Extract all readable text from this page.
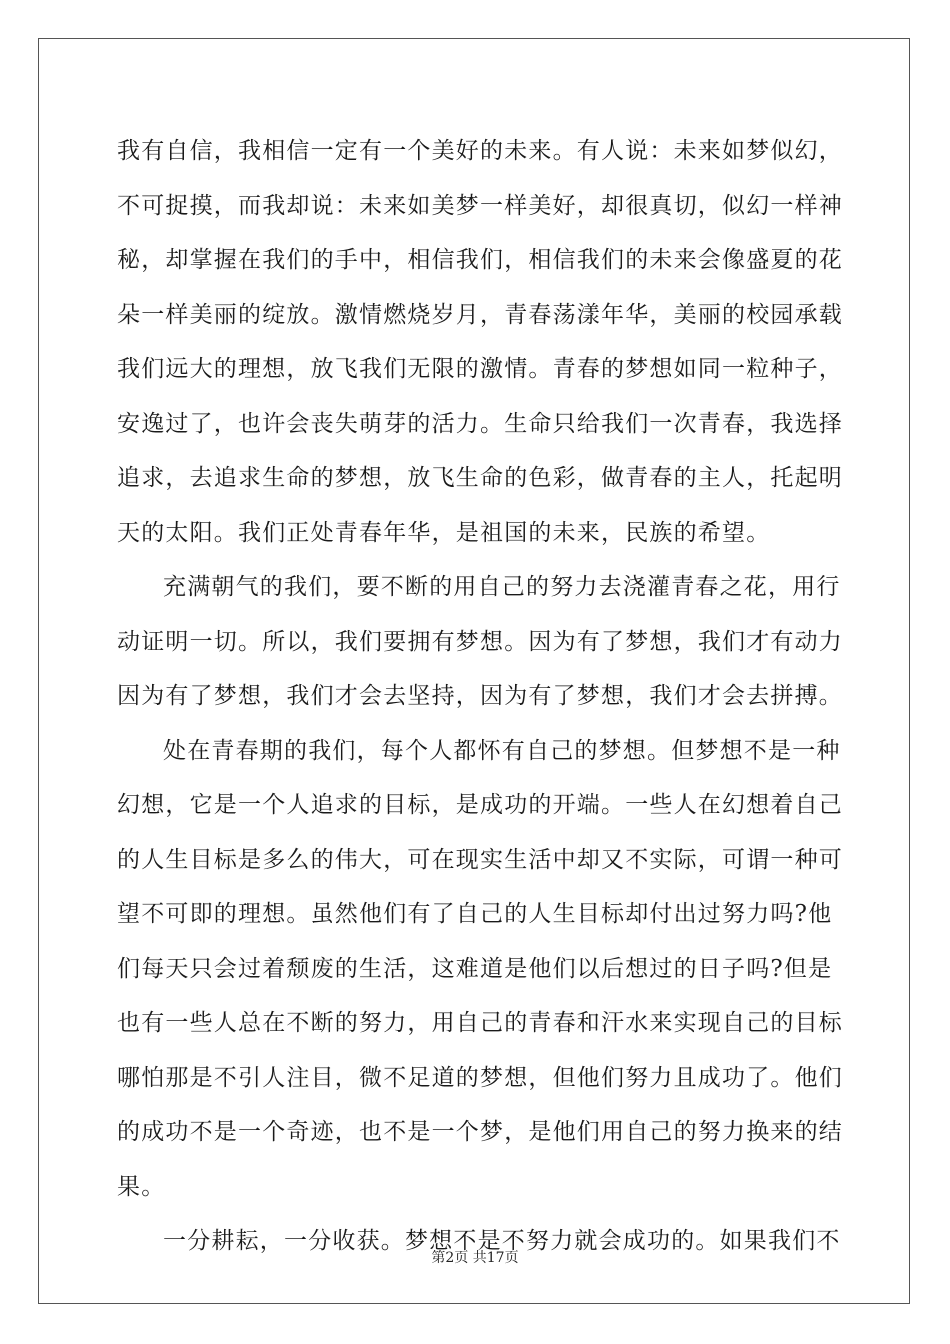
我有自信，我相信一定有一个美好的未来。有人说：未来如梦似幻，
不可捉摸，而我却说：未来如美梦一样美好，却很真切，似幻一样神
秘，却掌握在我们的手中，相信我们，相信我们的未来会像盛夏的花
朵一样美丽的绽放。激情燃烧岁月，青春荡漾年华，美丽的校园承载
我们远大的理想，放飞我们无限的激情。青春的梦想如同一粒种子，
安逸过了，也许会丧失萌芽的活力。生命只给我们一次青春，我选择
追求，去追求生命的梦想，放飞生命的色彩，做青春的主人，托起明
天的太阳。我们正处青春年华，是祖国的未来，民族的希望。
充满朝气的我们，要不断的用自己的努力去浇灌青春之花，用行
动证明一切。所以，我们要拥有梦想。因为有了梦想，我们才有动力
因为有了梦想，我们才会去坚持，因为有了梦想，我们才会去拼搏。
处在青春期的我们，每个人都怀有自己的梦想。但梦想不是一种
幻想，它是一个人追求的目标，是成功的开端。一些人在幻想着自己
的人生目标是多么的伟大，可在现实生活中却又不实际，可谓一种可
望不可即的理想。虽然他们有了自己的人生目标却付出过努力吗?他
们每天只会过着颓废的生活，这难道是他们以后想过的日子吗?但是
也有一些人总在不断的努力，用自己的青春和汗水来实现自己的目标
哪怕那是不引人注目，微不足道的梦想，但他们努力且成功了。他们
的成功不是一个奇迹，也不是一个梦，是他们用自己的努力换来的结
果。
一分耕耘，一分收获。梦想不是不努力就会成功的。如果我们不
第2页 共17页
